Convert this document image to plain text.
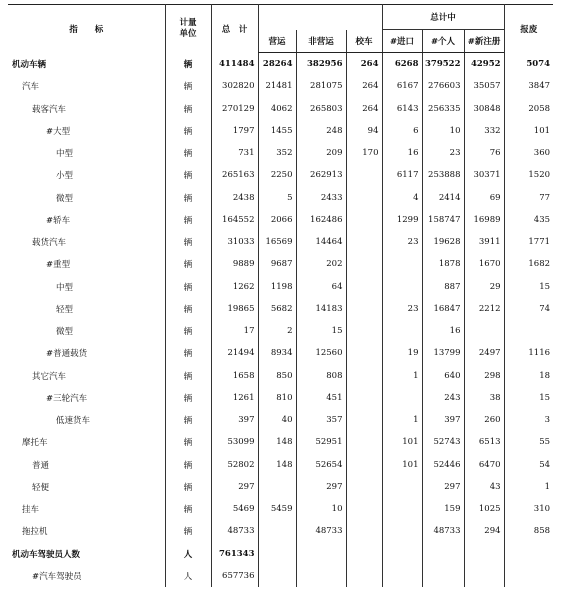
指　　标	计量
单位	总　计				总计中			报废
			营运	非营运	校车	#进口	#个人	#新注册	
机动车辆	辆	411484	28264	382956	264	6268	379522	42952	5074
汽车	辆	302820	21481	281075	264	6167	276603	35057	3847
载客汽车	辆	270129	4062	265803	264	6143	256335	30848	2058
#大型	辆	1797	1455	248	94	6	10	332	101
中型	辆	731	352	209	170	16	23	76	360
小型	辆	265163	2250	262913		6117	253888	30371	1520
微型	辆	2438	5	2433		4	2414	69	77
#轿车	辆	164552	2066	162486		1299	158747	16989	435
载货汽车	辆	31033	16569	14464		23	19628	3911	1771
#重型	辆	9889	9687	202			1878	1670	1682
中型	辆	1262	1198	64			887	29	15
轻型	辆	19865	5682	14183		23	16847	2212	74
微型	辆	17	2	15			16		
#普通载货	辆	21494	8934	12560		19	13799	2497	1116
其它汽车	辆	1658	850	808		1	640	298	18
#三轮汽车	辆	1261	810	451			243	38	15
低速货车	辆	397	40	357		1	397	260	3
摩托车	辆	53099	148	52951		101	52743	6513	55
普通	辆	52802	148	52654		101	52446	6470	54
轻便	辆	297		297			297	43	1
挂车	辆	5469	5459	10			159	1025	310
拖拉机	辆	48733		48733			48733	294	858
机动车驾驶员人数	人	761343							
#汽车驾驶员	人	657736							
